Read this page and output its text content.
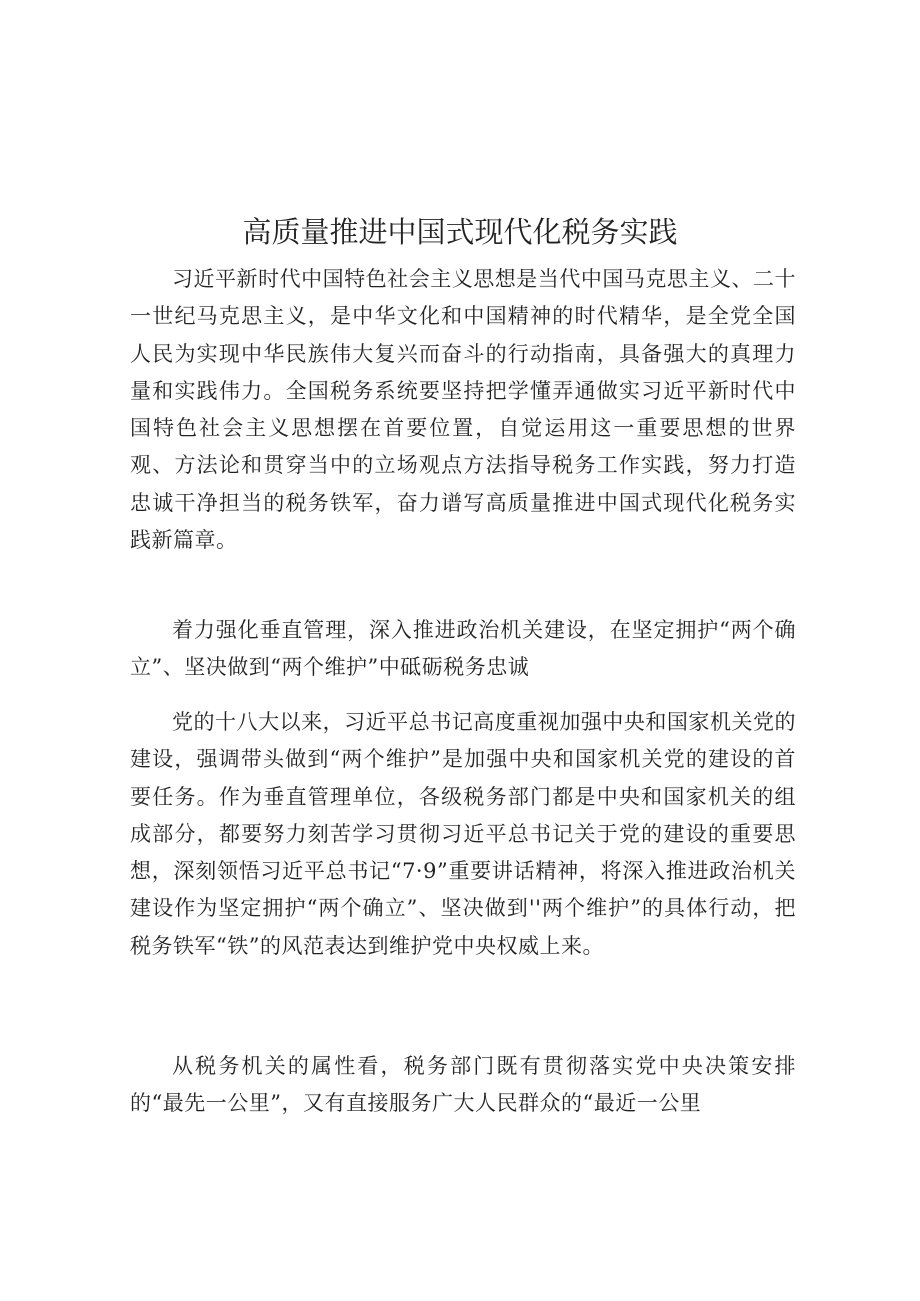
高质量推进中国式现代化税务实践

习近平新时代中国特色社会主义思想是当代中国马克思主义、二十一世纪马克思主义，是中华文化和中国精神的时代精华，是全党全国人民为实现中华民族伟大复兴而奋斗的行动指南，具备强大的真理力量和实践伟力。全国税务系统要坚持把学懂弄通做实习近平新时代中国特色社会主义思想摆在首要位置，自觉运用这一重要思想的世界观、方法论和贯穿当中的立场观点方法指导税务工作实践，努力打造忠诚干净担当的税务铁军，奋力谱写高质量推进中国式现代化税务实践新篇章。

着力强化垂直管理，深入推进政治机关建设，在坚定拥护“两个确立”、坚决做到“两个维护”中砥砺税务忠诚

党的十八大以来，习近平总书记高度重视加强中央和国家机关党的建设，强调带头做到“两个维护”是加强中央和国家机关党的建设的首要任务。作为垂直管理单位，各级税务部门都是中央和国家机关的组成部分，都要努力刻苦学习贯彻习近平总书记关于党的建设的重要思想，深刻领悟习近平总书记“7·9”重要讲话精神，将深入推进政治机关建设作为坚定拥护“两个确立”、坚决做到''两个维护”的具体行动，把税务铁军“铁”的风范表达到维护党中央权威上来。

从税务机关的属性看，税务部门既有贯彻落实党中央决策安排的“最先一公里”，又有直接服务广大人民群众的“最近一公里
